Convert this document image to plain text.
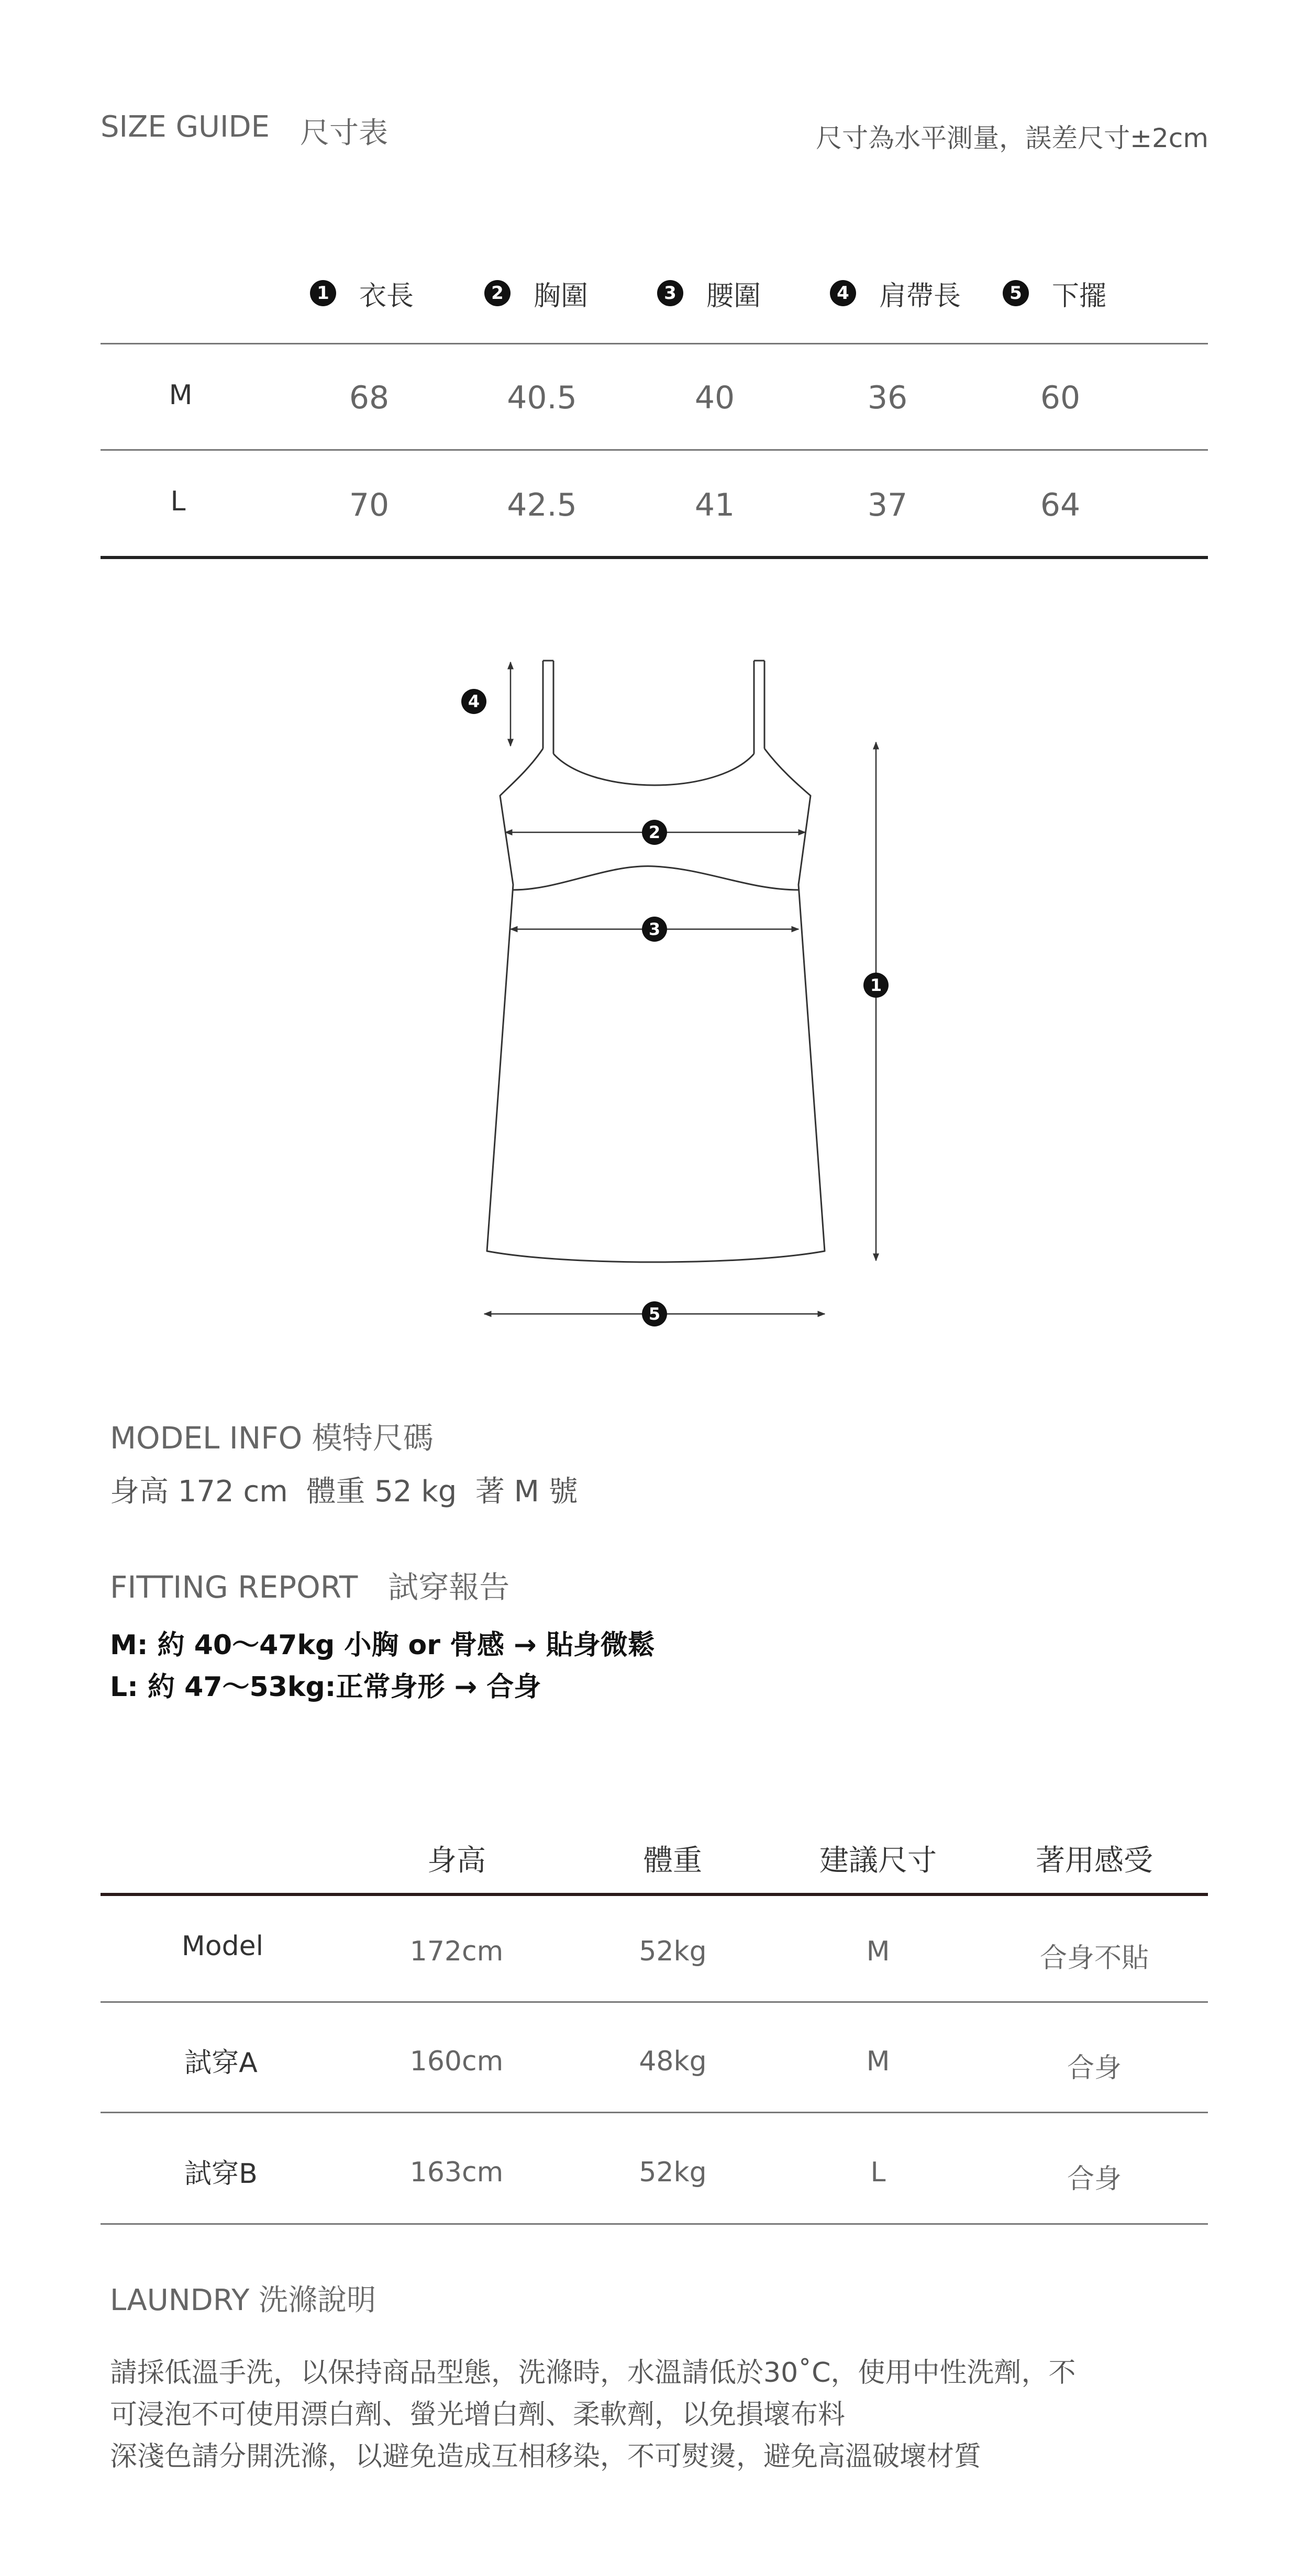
SIZE GUIDE 尺寸表	尺寸為水平測量，誤差尺寸±2cm
1 衣長	2 胸圍	3 腰圍	4 肩帶長	5 下擺
M	68	40.5	40	36	60
L	70	42.5	41	37	64
1
2
3
4
5
MODEL INFO 模特尺碼
身高 172 cm  體重 52 kg  著 M 號
FITTING REPORT　試穿報告
M: 約 40～47kg 小胸 or 骨感 → 貼身微鬆
L: 約 47～53kg:正常身形 → 合身
身高	體重	建議尺寸	著用感受
Model	172cm	52kg	M	合身不貼
試穿A	160cm	48kg	M	合身
試穿B	163cm	52kg	L	合身
LAUNDRY 洗滌說明
請採低溫手洗，以保持商品型態，洗滌時，水溫請低於30˚C，使用中性洗劑，不
可浸泡不可使用漂白劑、螢光增白劑、柔軟劑，以免損壞布料
深淺色請分開洗滌，以避免造成互相移染，不可熨燙，避免高溫破壞材質
